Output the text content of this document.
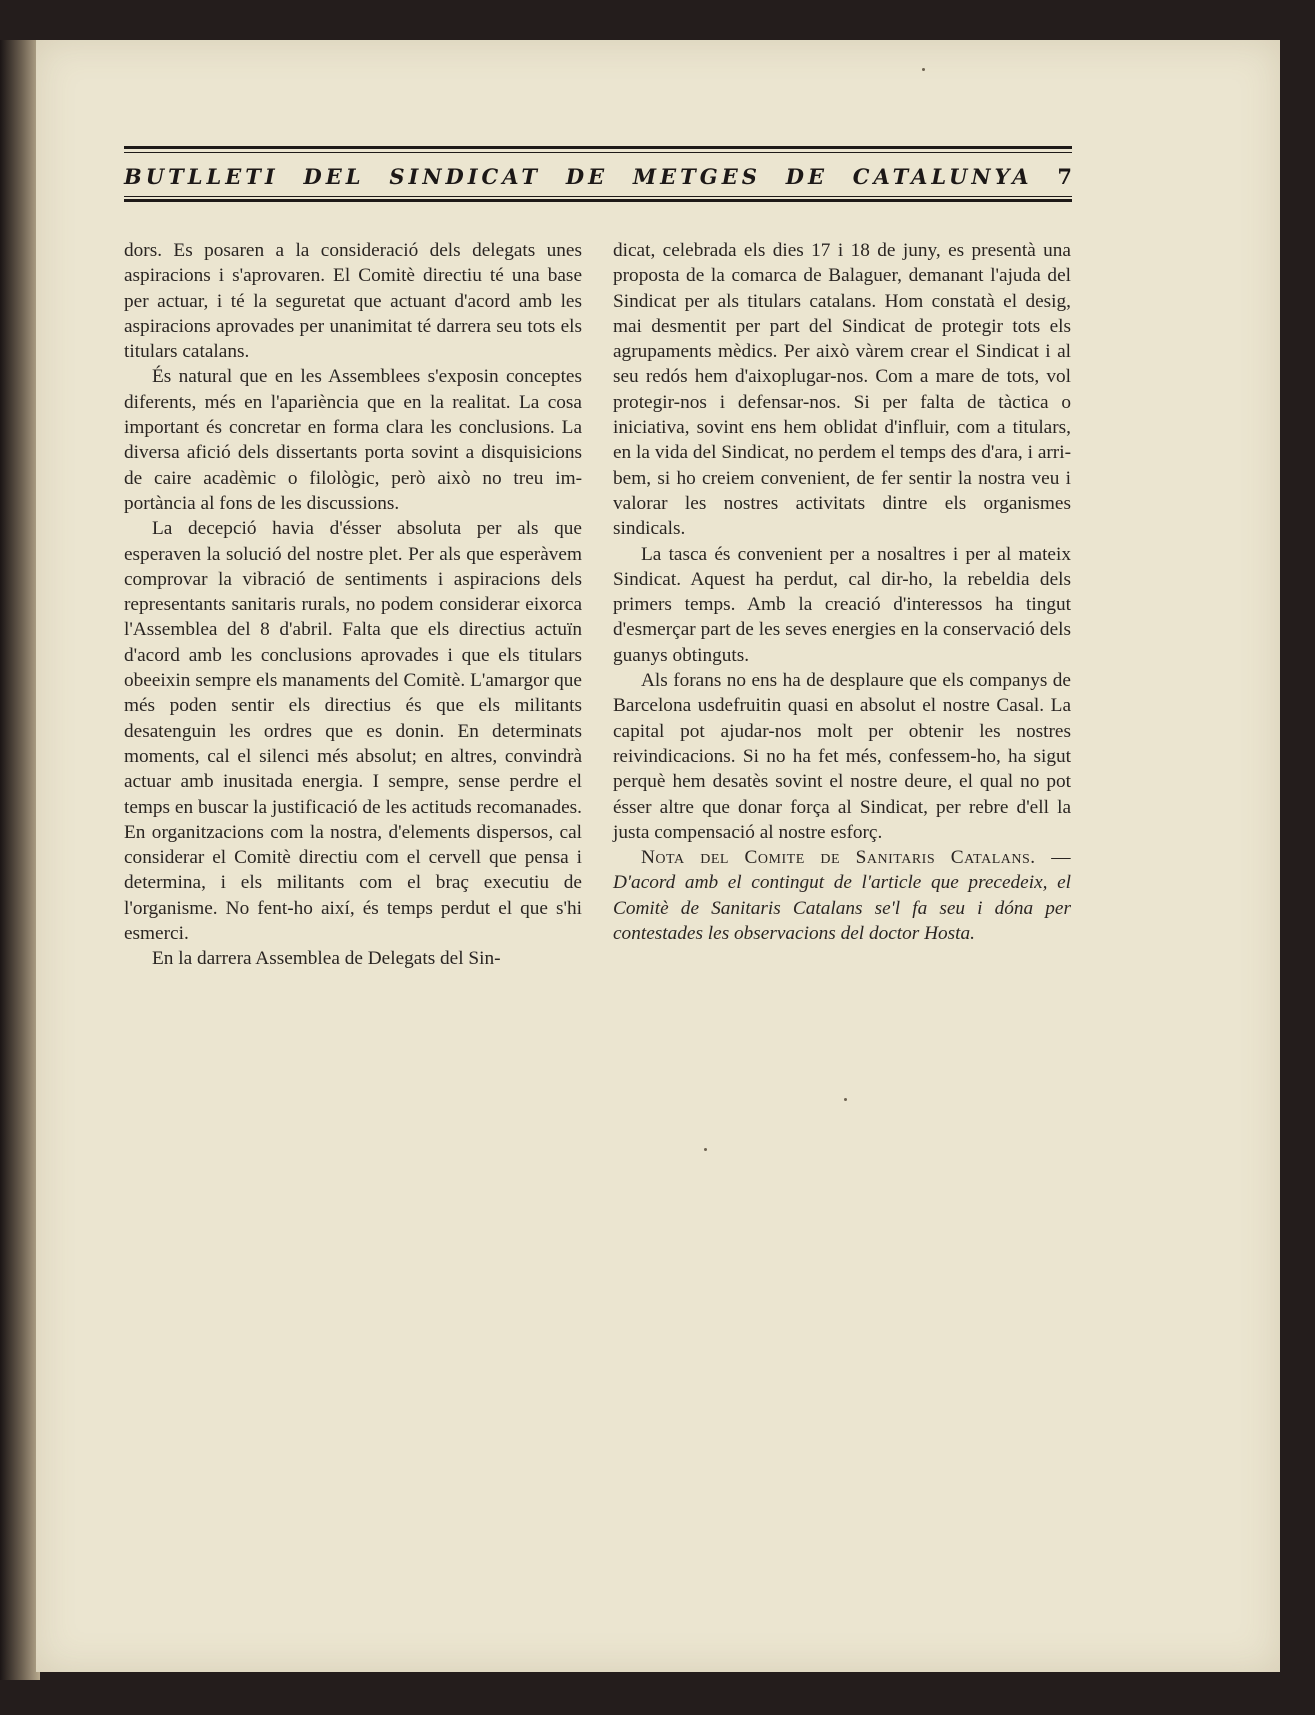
BUTLLETI DEL SINDICAT DE METGES DE CATALUNYA 7

dors. Es posaren a la consideració dels delegats unes aspiracions i s'aprovaren. El Comitè directiu té una base per actuar, i té la seguretat que actuant d'acord amb les aspiracions aprovades per unanimitat té darrera seu tots els titulars catalans.

És natural que en les Assemblees s'exposin conceptes diferents, més en l'apariència que en la realitat. La cosa important és concretar en forma clara les conclusions. La diversa afició dels dissertants porta sovint a disquisicions de caire acadèmic o filològic, però això no treu importància al fons de les discussions.

La decepció havia d'ésser absoluta per als que esperaven la solució del nostre plet. Per als que esperàvem comprovar la vibració de sentiments i aspiracions dels representants sanitaris rurals, no podem considerar eixorca l'Assemblea del 8 d'abril. Falta que els directius actuïn d'acord amb les conclusions aprovades i que els titulars obeeixin sempre els manaments del Comitè. L'amargor que més poden sentir els directius és que els militants desatenguin les ordres que es donin. En determinats moments, cal el silenci més absolut; en altres, convindrà actuar amb inusitada energia. I sempre, sense perdre el temps en buscar la justificació de les actituds recomanades. En organitzacions com la nostra, d'elements dispersos, cal considerar el Comitè directiu com el cervell que pensa i determina, i els militants com el braç executiu de l'organisme. No fent-ho així, és temps perdut el que s'hi esmerci.

En la darrera Assemblea de Delegats del Sin-

dicat, celebrada els dies 17 i 18 de juny, es presentà una proposta de la comarca de Balaguer, demanant l'ajuda del Sindicat per als titulars catalans. Hom constatà el desig, mai desmentit per part del Sindicat de protegir tots els agrupaments mèdics. Per això vàrem crear el Sindicat i al seu redós hem d'aixoplugar-nos. Com a mare de tots, vol protegir-nos i defensar-nos. Si per falta de tàctica o iniciativa, sovint ens hem oblidat d'influir, com a titulars, en la vida del Sindicat, no perdem el temps des d'ara, i arribem, si ho creiem convenient, de fer sentir la nostra veu i valorar les nostres activitats dintre els organismes sindicals.

La tasca és convenient per a nosaltres i per al mateix Sindicat. Aquest ha perdut, cal dir-ho, la rebeldia dels primers temps. Amb la creació d'interessos ha tingut d'esmerçar part de les seves energies en la conservació dels guanys obtinguts.

Als forans no ens ha de desplaure que els companys de Barcelona usdefruitin quasi en absolut el nostre Casal. La capital pot ajudar-nos molt per obtenir les nostres reivindicacions. Si no ha fet més, confessem-ho, ha sigut perquè hem desatès sovint el nostre deure, el qual no pot ésser altre que donar força al Sindicat, per rebre d'ell la justa compensació al nostre esforç.

Nota del Comite de Sanitaris Catalans. — D'acord amb el contingut de l'article que precedeix, el Comitè de Sanitaris Catalans se'l fa seu i dóna per contestades les observacions del doctor Hosta.
